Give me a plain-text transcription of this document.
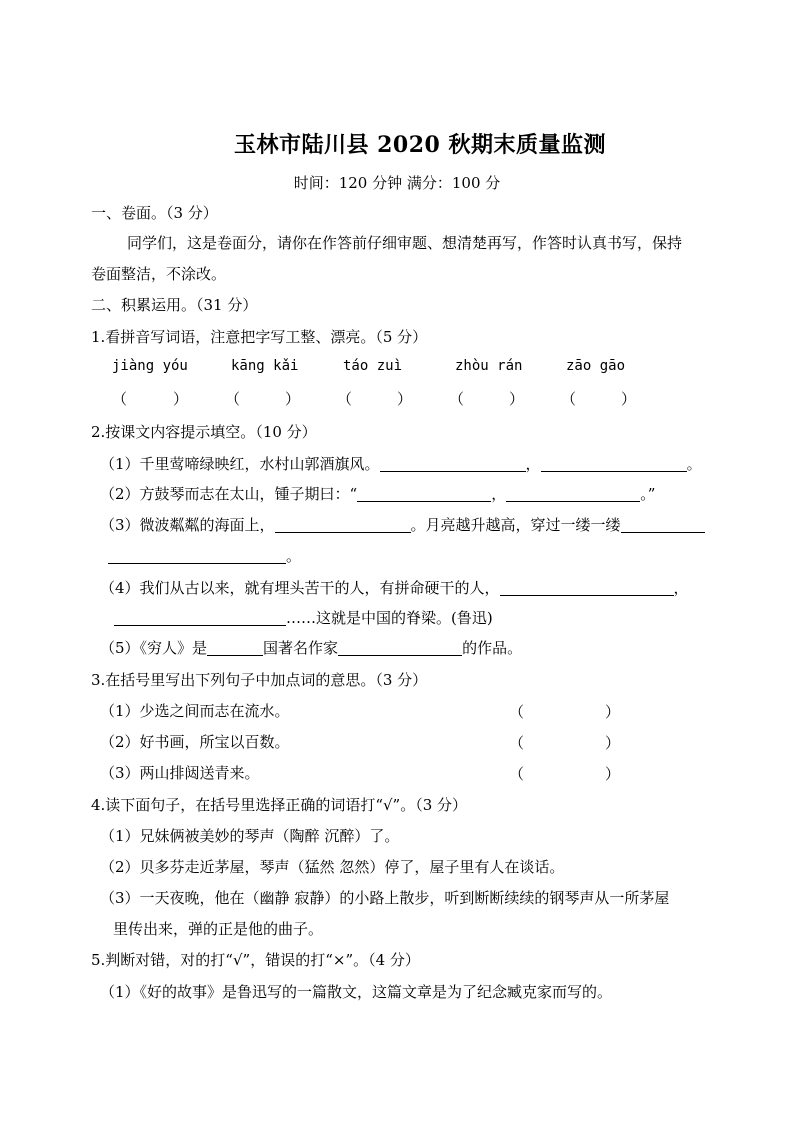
玉林市陆川县 2020 秋期末质量监测
时间：120 分钟 满分：100 分
一、卷面。（3 分）
同学们，这是卷面分，请你在作答前仔细审题、想清楚再写，作答时认真书写，保持
卷面整洁，不涂改。
二、积累运用。（31 分）
1.看拼音写词语，注意把字写工整、漂亮。（5 分）
jiàng yóu	kāng kǎi	táo zuì	zhòu rán	zāo gāo
（	） （	） （	） （	） （	）
2.按课文内容提示填空。（10 分）
（1）千里莺啼绿映红，水村山郭酒旗风。	，	。
（2）方鼓琴而志在太山，锺子期曰：“	，	。”
（3）微波粼粼的海面上，	。月亮越升越高，穿过一缕一缕
。
（4）我们从古以来，就有埋头苦干的人，有拼命硬干的人，	，
……这就是中国的脊梁。(鲁迅)
（5）《穷人》是	国著名作家	的作品。
3.在括号里写出下列句子中加点词的意思。（3 分）
（1）少选之间而志在流水。	（	）
（2）好书画，所宝以百数。	（	）
（3）两山排闼送青来。	（	）
4.读下面句子，在括号里选择正确的词语打“√”。（3 分）
（1）兄妹俩被美妙的琴声（陶醉 沉醉）了。
（2）贝多芬走近茅屋，琴声（猛然 忽然）停了，屋子里有人在谈话。
（3）一天夜晚，他在（幽静 寂静）的小路上散步，听到断断续续的钢琴声从一所茅屋
里传出来，弹的正是他的曲子。
5.判断对错，对的打“√”，错误的打“×”。（4 分）
（1）《好的故事》是鲁迅写的一篇散文，这篇文章是为了纪念臧克家而写的。
